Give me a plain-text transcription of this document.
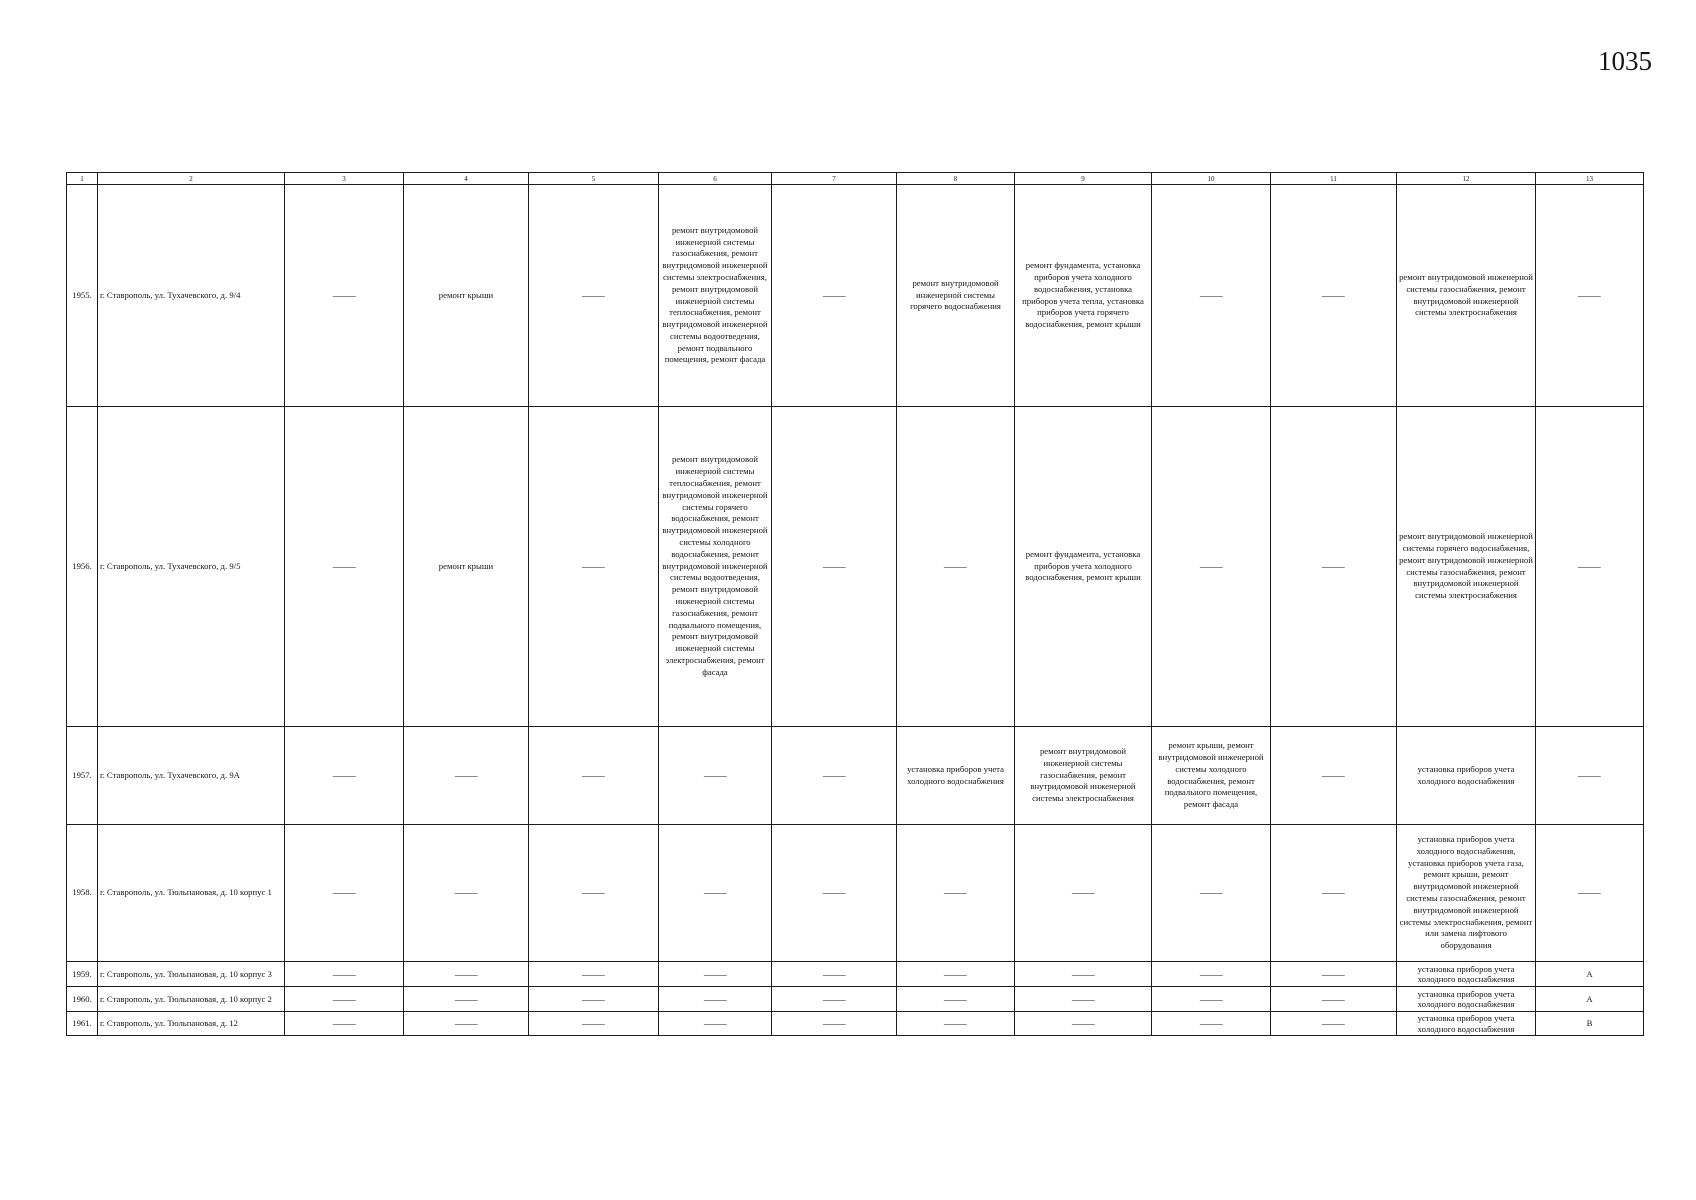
1035
1	2	3	4	5	6	7	8	9	10	11	12	13
1955.	г. Ставрополь, ул. Тухачевского, д. 9/4	—	ремонт крыши	—	ремонт внутридомовой инженерной системы газоснабжения, ремонт внутридомовой инженерной системы электроснабжения, ремонт внутридомовой инженерной системы теплоснабжения, ремонт внутридомовой инженерной системы водоотведения, ремонт подвального помещения, ремонт фасада	—	ремонт внутридомовой инженерной системы горячего водоснабжения	ремонт фундамента, установка приборов учета холодного водоснабжения, установка приборов учета тепла, установка приборов учета горячего водоснабжения, ремонт крыши	—	—	ремонт внутридомовой инженерной системы газоснабжения, ремонт внутридомовой инженерной системы электроснабжения	—
1956.	г. Ставрополь, ул. Тухачевского, д. 9/5	—	ремонт крыши	—	ремонт внутридомовой инженерной системы теплоснабжения, ремонт внутридомовой инженерной системы горячего водоснабжения, ремонт внутридомовой инженерной системы холодного водоснабжения, ремонт внутридомовой инженерной системы водоотведения, ремонт внутридомовой инженерной системы газоснабжения, ремонт подвального помещения, ремонт внутридомовой инженерной системы электроснабжения, ремонт фасада	—	—	ремонт фундамента, установка приборов учета холодного водоснабжения, ремонт крыши	—	—	ремонт внутридомовой инженерной системы горячего водоснабжения, ремонт внутридомовой инженерной системы газоснабжения, ремонт внутридомовой инженерной системы электроснабжения	—
1957.	г. Ставрополь, ул. Тухачевского, д. 9А	—	—	—	—	—	установка приборов учета холодного водоснабжения	ремонт внутридомовой инженерной системы газоснабжения, ремонт внутридомовой инженерной системы электроснабжения	ремонт крыши, ремонт внутридомовой инженерной системы холодного водоснабжения, ремонт подвального помещения, ремонт фасада	—	установка приборов учета холодного водоснабжения	—
1958.	г. Ставрополь, ул. Тюльпановая, д. 10 корпус 1	—	—	—	—	—	—	—	—	—	установка приборов учета холодного водоснабжения, установка приборов учета газа, ремонт крыши, ремонт внутридомовой инженерной системы газоснабжения, ремонт внутридомовой инженерной системы электроснабжения, ремонт или замена лифтового оборудования	—
1959.	г. Ставрополь, ул. Тюльпановая, д. 10 корпус 3	—	—	—	—	—	—	—	—	—	установка приборов учета холодного водоснабжения	А
1960.	г. Ставрополь, ул. Тюльпановая, д. 10 корпус 2	—	—	—	—	—	—	—	—	—	установка приборов учета холодного водоснабжения	А
1961.	г. Ставрополь, ул. Тюльпановая, д. 12	—	—	—	—	—	—	—	—	—	установка приборов учета холодного водоснабжения	В
